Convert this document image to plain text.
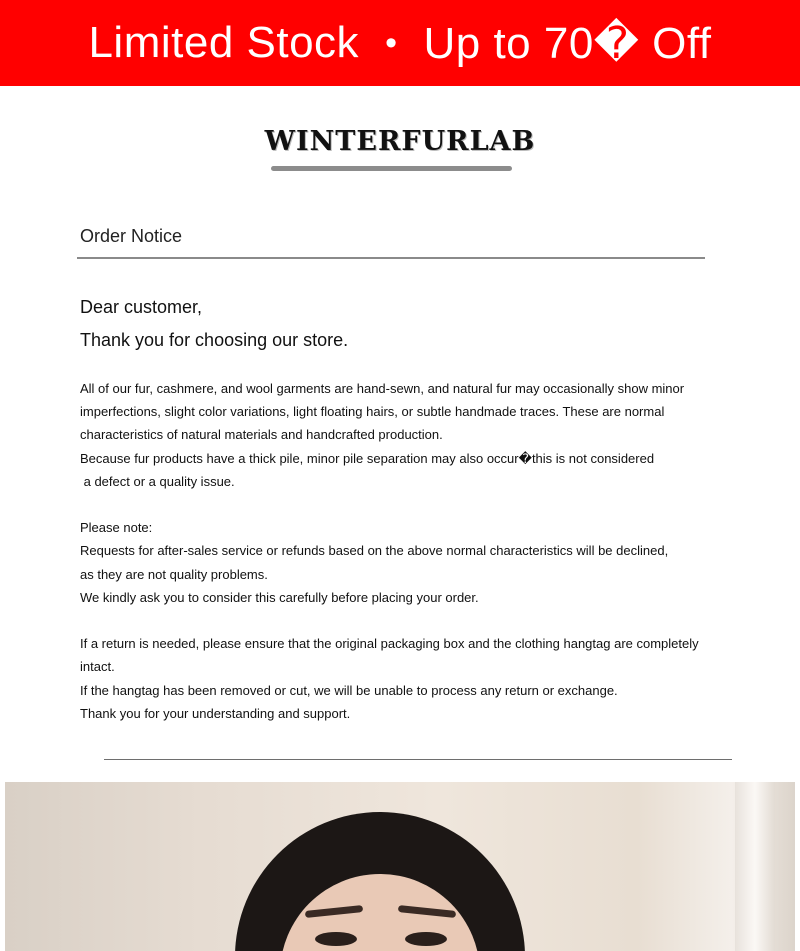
Limited Stock • Up to 70� Off
WINTERFURLAB
Order Notice
Dear customer,
Thank you for choosing our store.
All of our fur, cashmere, and wool garments are hand-sewn, and natural fur may occasionally show minor
imperfections, slight color variations, light floating hairs, or subtle handmade traces. These are normal
characteristics of natural materials and handcrafted production.
Because fur products have a thick pile, minor pile separation may also occur�this is not considered
a defect or a quality issue.
Please note:
Requests for after-sales service or refunds based on the above normal characteristics will be declined,
as they are not quality problems.
We kindly ask you to consider this carefully before placing your order.
If a return is needed, please ensure that the original packaging box and the clothing hangtag are completely
intact.
If the hangtag has been removed or cut, we will be unable to process any return or exchange.
Thank you for your understanding and support.
